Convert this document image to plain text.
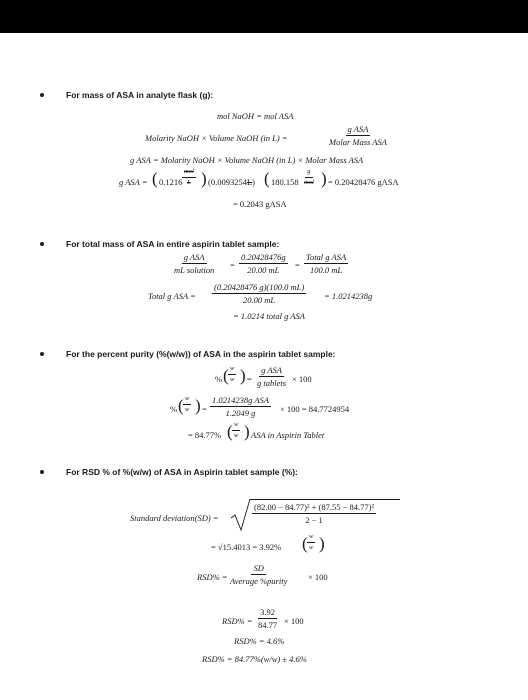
For mass of ASA in analyte flask (g):
mol NaOH = mol ASA
Molarity NaOH × Volume NaOH (in L) =
g ASA
Molar Mass ASA
g ASA = Molarity NaOH × Volume NaOH (in L) × Molar Mass ASA
g ASA = ( 0.1216
mol
L ) (0.0093254L) ( 180.158
g
mol ) = 0.20428476 gASA
= 0.2043 gASA
For total mass of ASA in entire aspirin tablet sample:
g ASA
mL solution = $\frac{0.20428476g}{20.00 mL}$ =
Total g ASA
100.0 mL
Total g ASA = $\frac{(0.20428476 g)(100.0 mL)}{20.00 mL} = 1.0214238g$
= 1.0214 total g ASA
For the percent purity (%(w/w)) of ASA in the aspirin tablet sample:
% ( $\frac{w}{w}$ ) =
g ASA
g tablets × 100
% ( $\frac{w}{w}$ ) =
1.0214238g ASA
1.2049 g	× 100 = 84.7724954
= 84.77% ( $\frac{w}{w}$ ) ASA in Aspirin Tablet
For RSD % of %(w/w) of ASA in Aspirin tablet sample (%):
Standard deviation(SD) =	$\frac{\text{(82.00 − 84.77)² + (87.55 − 84.77)²}}{2 - 1}$
= √15.4013 = 3.92% ( $\frac{w}{w}$ )
RSD% =
SD
Average %purity × 100
$RSD\% = \frac{3.92}{84.77} \times 100$
RSD% = 4.6%
RSD% = 84.77%(w/w) ± 4.6%
